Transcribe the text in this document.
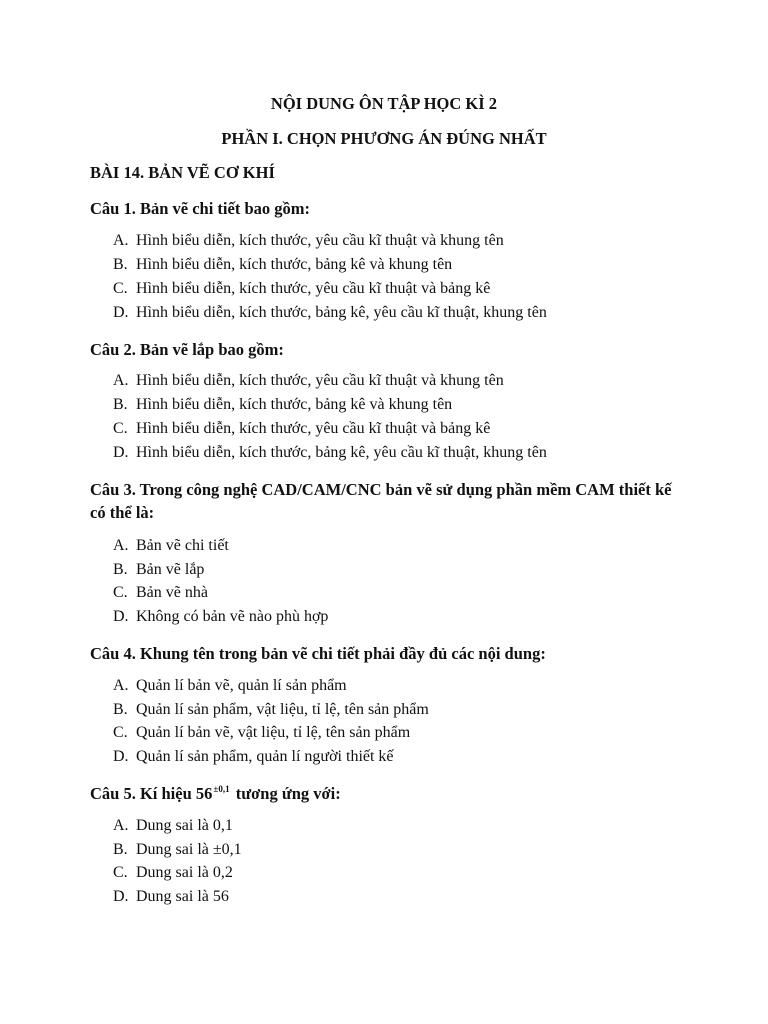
NỘI DUNG ÔN TẬP HỌC KÌ 2
PHẦN I. CHỌN PHƯƠNG ÁN ĐÚNG NHẤT
BÀI 14. BẢN VẼ CƠ KHÍ
Câu 1. Bản vẽ chi tiết bao gồm:
A. Hình biểu diễn, kích thước, yêu cầu kĩ thuật và khung tên
B. Hình biểu diễn, kích thước, bảng kê và khung tên
C. Hình biểu diễn, kích thước, yêu cầu kĩ thuật và bảng kê
D. Hình biểu diễn, kích thước, bảng kê, yêu cầu kĩ thuật, khung tên
Câu 2. Bản vẽ lắp bao gồm:
A. Hình biểu diễn, kích thước, yêu cầu kĩ thuật và khung tên
B. Hình biểu diễn, kích thước, bảng kê và khung tên
C. Hình biểu diễn, kích thước, yêu cầu kĩ thuật và bảng kê
D. Hình biểu diễn, kích thước, bảng kê, yêu cầu kĩ thuật, khung tên
Câu 3. Trong công nghệ CAD/CAM/CNC bản vẽ sử dụng phần mềm CAM thiết kế có thể là:
A. Bản vẽ chi tiết
B. Bản vẽ lắp
C. Bản vẽ nhà
D. Không có bản vẽ nào phù hợp
Câu 4. Khung tên trong bản vẽ chi tiết phải đầy đủ các nội dung:
A. Quản lí bản vẽ, quản lí sản phẩm
B. Quản lí sản phẩm, vật liệu, tỉ lệ, tên sản phẩm
C. Quản lí bản vẽ, vật liệu, tỉ lệ, tên sản phẩm
D. Quản lí sản phẩm, quản lí người thiết kế
Câu 5. Kí hiệu $56^{\pm 0,1}$ tương ứng với:
A. Dung sai là 0,1
B. Dung sai là ±0,1
C. Dung sai là 0,2
D. Dung sai là 56
